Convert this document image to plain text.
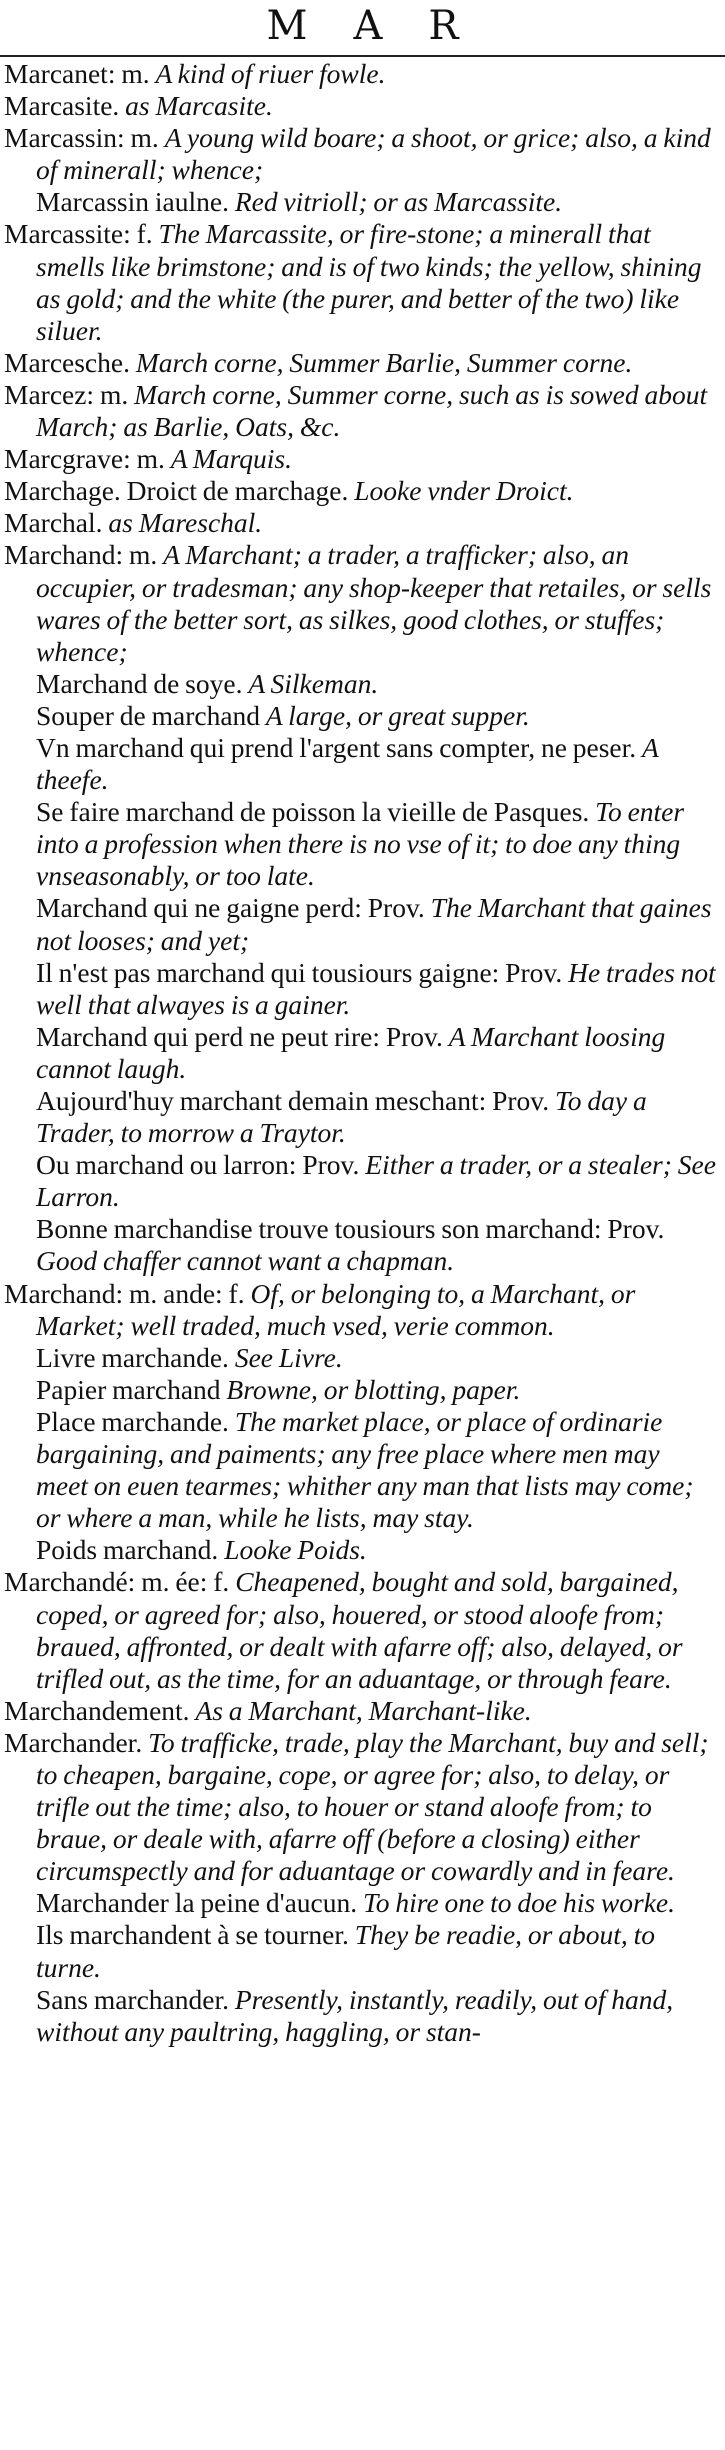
MAR

Marcanet: m. A kind of riuer fowle.

Marcasite. as Marcasite.

Marcassin: m. A young wild boare; a shoot, or grice; also, a kind of minerall; whence;

Marcassin iaulne. Red vitrioll; or as Marcassite.

Marcassite: f. The Marcassite, or fire-stone; a minerall that smells like brimstone; and is of two kinds; the yellow, shining as gold; and the white (the purer, and better of the two) like siluer.

Marcesche. March corne, Summer Barlie, Summer corne.

Marcez: m. March corne, Summer corne, such as is sowed about March; as Barlie, Oats, &c.

Marcgrave: m. A Marquis.

Marchage. Droict de marchage. Looke vnder Droict.

Marchal. as Mareschal.

Marchand: m. A Marchant; a trader, a trafficker; also, an occupier, or tradesman; any shop-keeper that retailes, or sells wares of the better sort, as silkes, good clothes, or stuffes; whence;

Marchand de soye. A Silkeman.

Souper de marchand A large, or great supper.

Vn marchand qui prend l'argent sans compter, ne peser. A theefe.

Se faire marchand de poisson la vieille de Pasques. To enter into a profession when there is no vse of it; to doe any thing vnseasonably, or too late.

Marchand qui ne gaigne perd: Prov. The Marchant that gaines not looses; and yet;

Il n'est pas marchand qui tousiours gaigne: Prov. He trades not well that alwayes is a gainer.

Marchand qui perd ne peut rire: Prov. A Marchant loosing cannot laugh.

Aujourd'huy marchant demain meschant: Prov. To day a Trader, to morrow a Traytor.

Ou marchand ou larron: Prov. Either a trader, or a stealer; See Larron.

Bonne marchandise trouve tousiours son marchand: Prov. Good chaffer cannot want a chapman.

Marchand: m. ande: f. Of, or belonging to, a Marchant, or Market; well traded, much vsed, verie common.

Livre marchande. See Livre.

Papier marchand Browne, or blotting, paper.

Place marchande. The market place, or place of ordinarie bargaining, and paiments; any free place where men may meet on euen tearmes; whither any man that lists may come; or where a man, while he lists, may stay.

Poids marchand. Looke Poids.

Marchandé: m. ée: f. Cheapened, bought and sold, bargained, coped, or agreed for; also, houered, or stood aloofe from; braued, affronted, or dealt with afarre off; also, delayed, or trifled out, as the time, for an aduantage, or through feare.

Marchandement. As a Marchant, Marchant-like.

Marchander. To trafficke, trade, play the Marchant, buy and sell; to cheapen, bargaine, cope, or agree for; also, to delay, or trifle out the time; also, to houer or stand aloofe from; to braue, or deale with, afarre off (before a closing) either circumspectly and for aduantage or cowardly and in feare.

Marchander la peine d'aucun. To hire one to doe his worke.

Ils marchandent à se tourner. They be readie, or about, to turne.

Sans marchander. Presently, instantly, readily, out of hand, without any paultring, haggling, or stan-
